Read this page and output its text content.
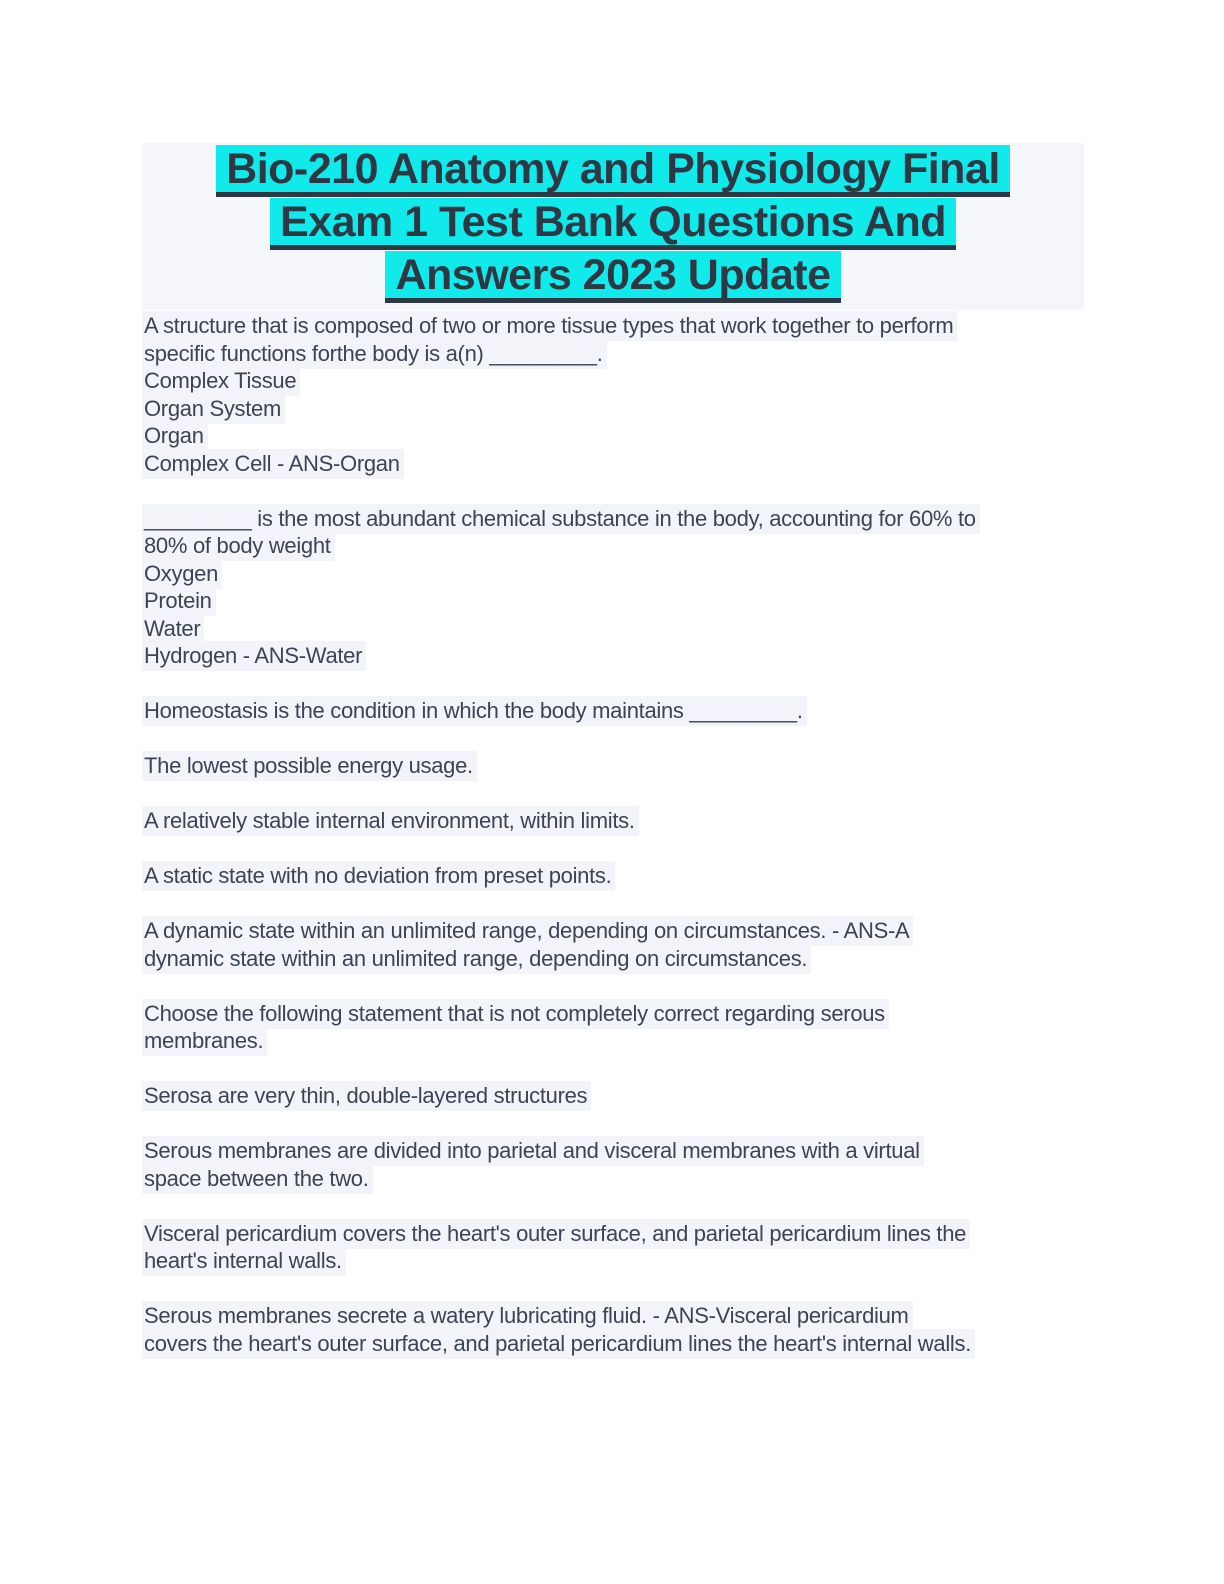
Bio-210 Anatomy and Physiology Final
Exam 1 Test Bank Questions And
Answers 2023 Update
A structure that is composed of two or more tissue types that work together to perform
specific functions forthe body is a(n) _________.
Complex Tissue
Organ System
Organ
Complex Cell - ANS-Organ
_________ is the most abundant chemical substance in the body, accounting for 60% to
80% of body weight
Oxygen
Protein
Water
Hydrogen - ANS-Water
Homeostasis is the condition in which the body maintains _________.
The lowest possible energy usage.
A relatively stable internal environment, within limits.
A static state with no deviation from preset points.
A dynamic state within an unlimited range, depending on circumstances. - ANS-A
dynamic state within an unlimited range, depending on circumstances.
Choose the following statement that is not completely correct regarding serous
membranes.
Serosa are very thin, double-layered structures
Serous membranes are divided into parietal and visceral membranes with a virtual
space between the two.
Visceral pericardium covers the heart's outer surface, and parietal pericardium lines the
heart's internal walls.
Serous membranes secrete a watery lubricating fluid. - ANS-Visceral pericardium
covers the heart's outer surface, and parietal pericardium lines the heart's internal walls.
